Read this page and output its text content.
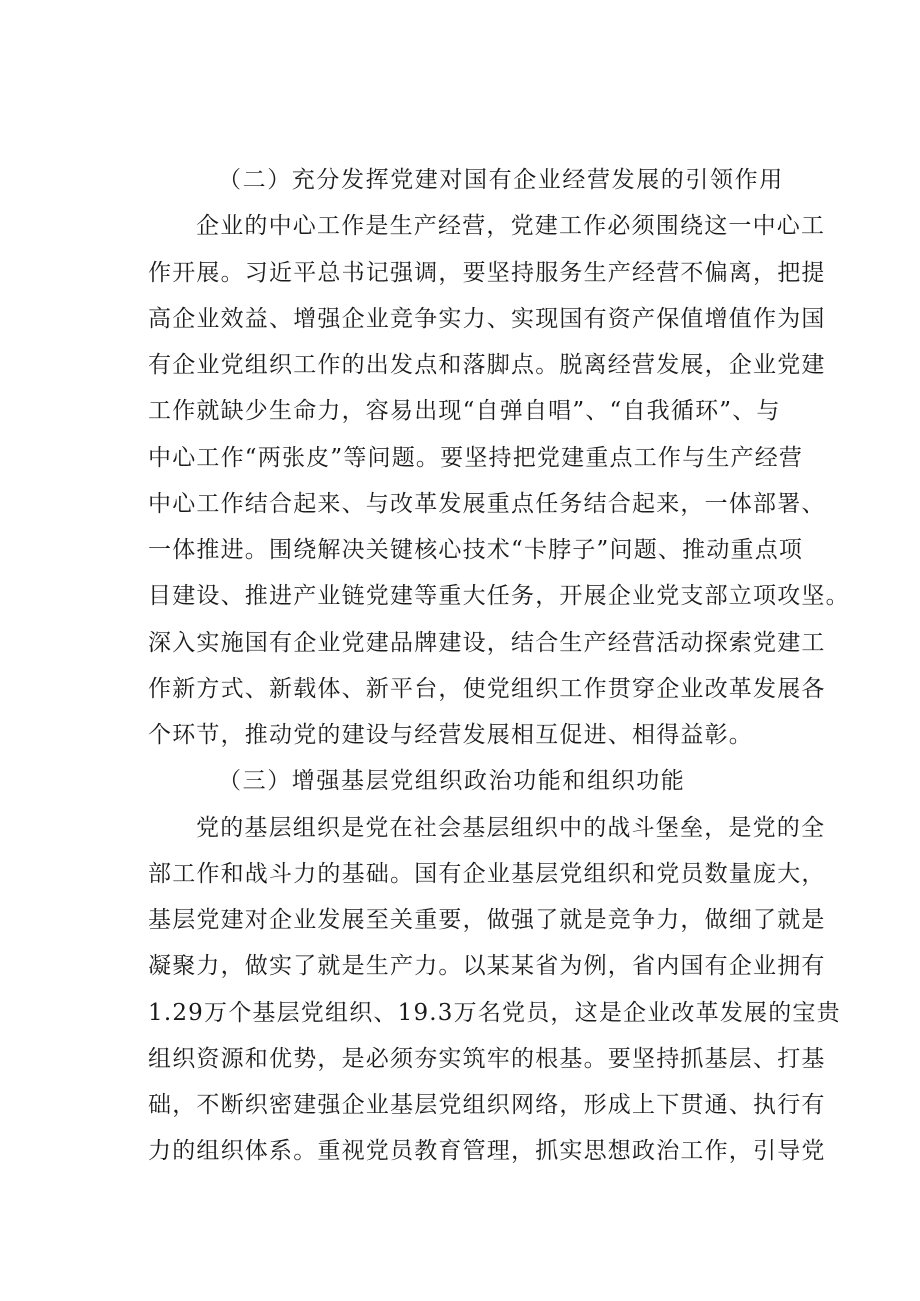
（二）充分发挥党建对国有企业经营发展的引领作用
企业的中心工作是生产经营，党建工作必须围绕这一中心工
作开展。习近平总书记强调，要坚持服务生产经营不偏离，把提
高企业效益、增强企业竞争实力、实现国有资产保值增值作为国
有企业党组织工作的出发点和落脚点。脱离经营发展，企业党建
工作就缺少生命力，容易出现“自弹自唱”、“自我循环”、与
中心工作“两张皮”等问题。要坚持把党建重点工作与生产经营
中心工作结合起来、与改革发展重点任务结合起来，一体部署、
一体推进。围绕解决关键核心技术“卡脖子”问题、推动重点项
目建设、推进产业链党建等重大任务，开展企业党支部立项攻坚。
深入实施国有企业党建品牌建设，结合生产经营活动探索党建工
作新方式、新载体、新平台，使党组织工作贯穿企业改革发展各
个环节，推动党的建设与经营发展相互促进、相得益彰。
（三）增强基层党组织政治功能和组织功能
党的基层组织是党在社会基层组织中的战斗堡垒，是党的全
部工作和战斗力的基础。国有企业基层党组织和党员数量庞大，
基层党建对企业发展至关重要，做强了就是竞争力，做细了就是
凝聚力，做实了就是生产力。以某某省为例，省内国有企业拥有
1.29万个基层党组织、19.3万名党员，这是企业改革发展的宝贵
组织资源和优势，是必须夯实筑牢的根基。要坚持抓基层、打基
础，不断织密建强企业基层党组织网络，形成上下贯通、执行有
力的组织体系。重视党员教育管理，抓实思想政治工作，引导党
